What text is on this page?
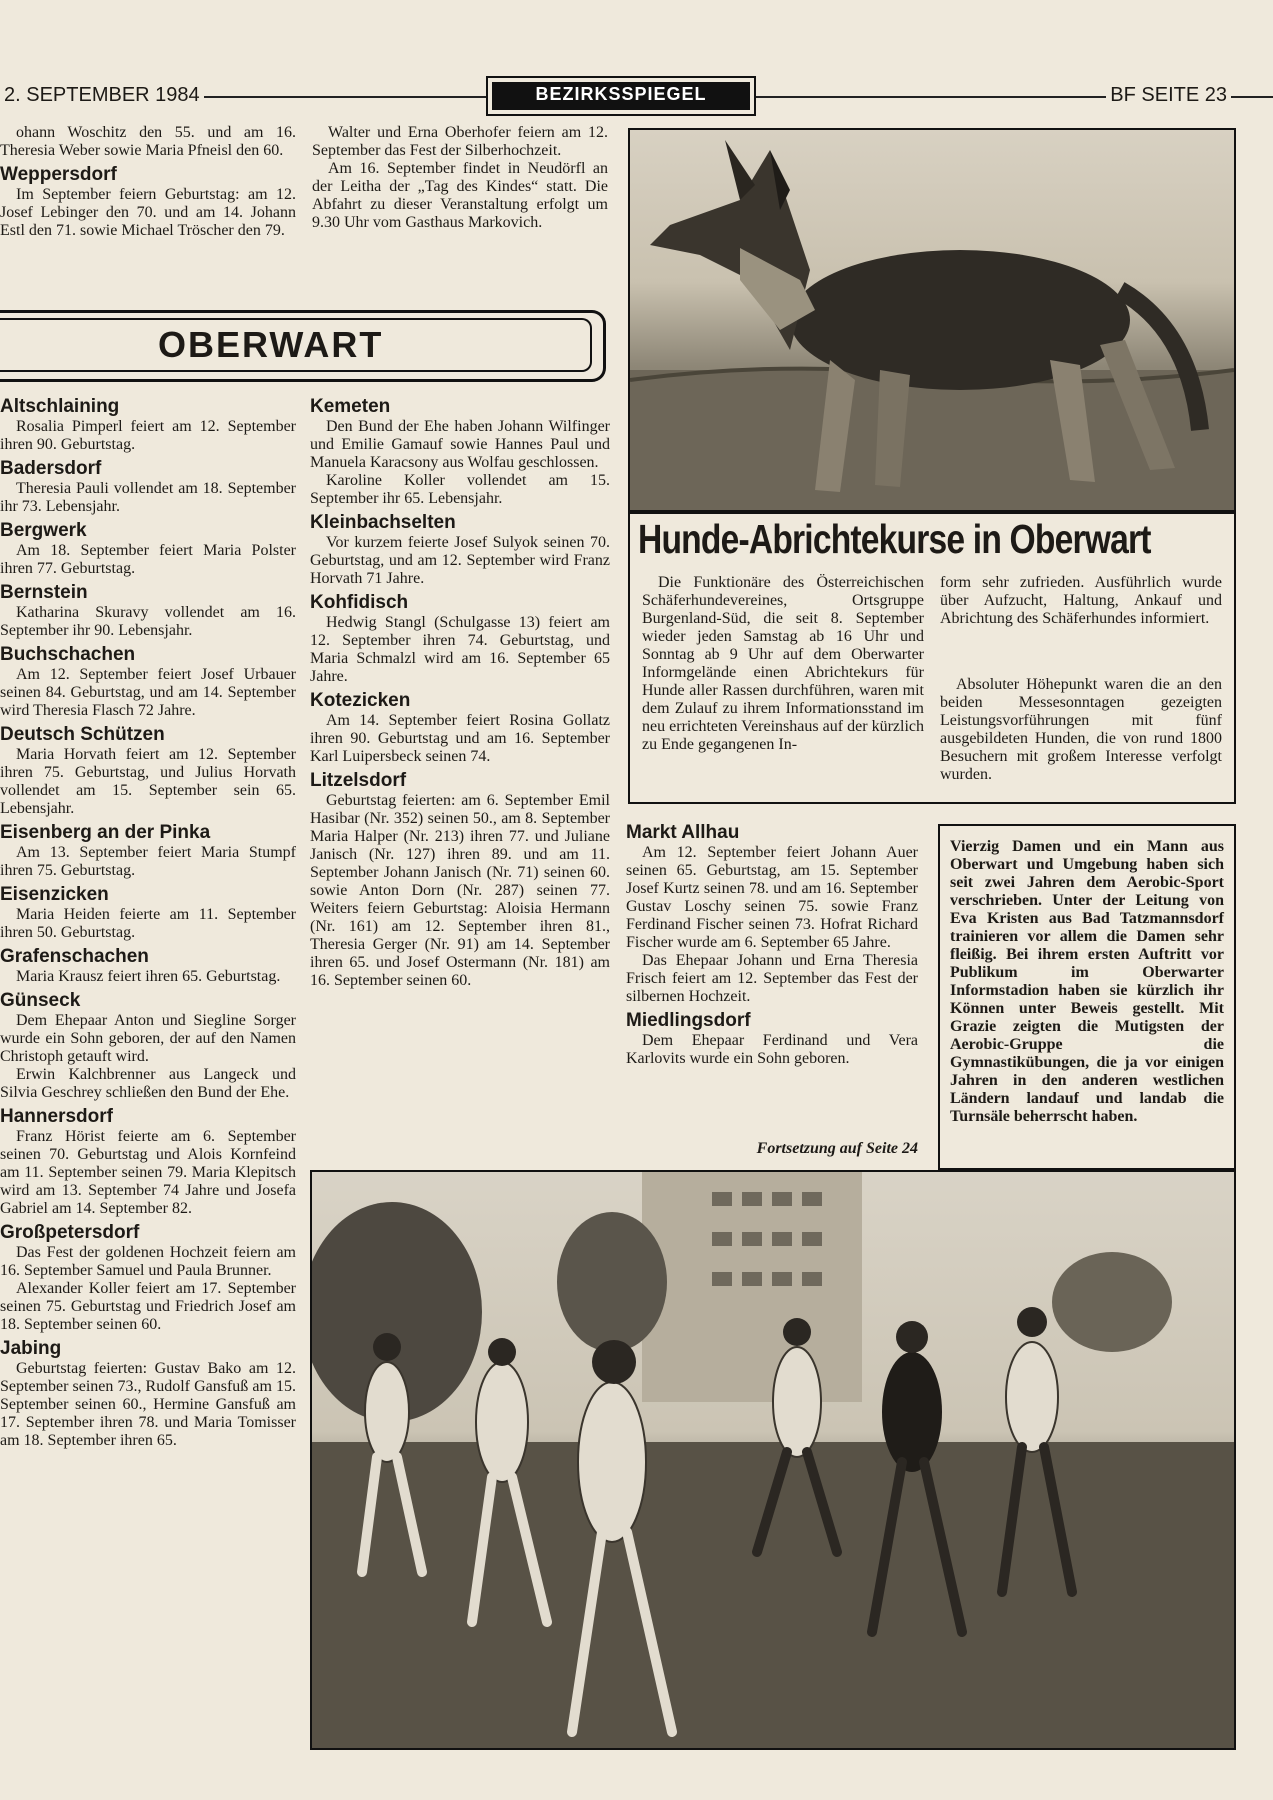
2. SEPTEMBER 1984	BEZIRKSSPIEGEL	BF SEITE 23

ohann Woschitz den 55. und am 16. Theresia Weber sowie Maria Pfneisl den 60.

Weppersdorf

Im September feiern Geburtstag: am 12. Josef Lebinger den 70. und am 14. Johann Estl den 71. sowie Michael Tröscher den 79.

Walter und Erna Oberhofer feiern am 12. September das Fest der Silberhochzeit.

Am 16. September findet in Neudörfl an der Leitha der „Tag des Kindes“ statt. Die Abfahrt zu dieser Veranstaltung erfolgt um 9.30 Uhr vom Gasthaus Markovich.

OBERWART
Altschlaining

Rosalia Pimperl feiert am 12. September ihren 90. Geburtstag.

Badersdorf

Theresia Pauli vollendet am 18. September ihr 73. Lebensjahr.

Bergwerk

Am 18. September feiert Maria Polster ihren 77. Geburtstag.

Bernstein

Katharina Skuravy vollendet am 16. September ihr 90. Lebensjahr.

Buchschachen

Am 12. September feiert Josef Urbauer seinen 84. Geburtstag, und am 14. September wird Theresia Flasch 72 Jahre.

Deutsch Schützen

Maria Horvath feiert am 12. September ihren 75. Geburtstag, und Julius Horvath vollendet am 15. September sein 65. Lebensjahr.

Eisenberg an der Pinka

Am 13. September feiert Maria Stumpf ihren 75. Geburtstag.

Eisenzicken

Maria Heiden feierte am 11. September ihren 50. Geburtstag.

Grafenschachen

Maria Krausz feiert ihren 65. Geburtstag.

Günseck

Dem Ehepaar Anton und Siegline Sorger wurde ein Sohn geboren, der auf den Namen Christoph getauft wird.

Erwin Kalchbrenner aus Langeck und Silvia Geschrey schließen den Bund der Ehe.

Hannersdorf

Franz Hörist feierte am 6. September seinen 70. Geburtstag und Alois Kornfeind am 11. September seinen 79. Maria Klepitsch wird am 13. September 74 Jahre und Josefa Gabriel am 14. September 82.

Großpetersdorf

Das Fest der goldenen Hochzeit feiern am 16. September Samuel und Paula Brunner.

Alexander Koller feiert am 17. September seinen 75. Geburtstag und Friedrich Josef am 18. September seinen 60.

Jabing

Geburtstag feierten: Gustav Bako am 12. September seinen 73., Rudolf Gansfuß am 15. September seinen 60., Hermine Gansfuß am 17. September ihren 78. und Maria Tomisser am 18. September ihren 65.

Kemeten

Den Bund der Ehe haben Johann Wilfinger und Emilie Gamauf sowie Hannes Paul und Manuela Karacsony aus Wolfau geschlossen.

Karoline Koller vollendet am 15. September ihr 65. Lebensjahr.

Kleinbachselten

Vor kurzem feierte Josef Sulyok seinen 70. Geburtstag, und am 12. September wird Franz Horvath 71 Jahre.

Kohfidisch

Hedwig Stangl (Schulgasse 13) feiert am 12. September ihren 74. Geburtstag, und Maria Schmalzl wird am 16. September 65 Jahre.

Kotezicken

Am 14. September feiert Rosina Gollatz ihren 90. Geburtstag und am 16. September Karl Luipersbeck seinen 74.

Litzelsdorf

Geburtstag feierten: am 6. September Emil Hasibar (Nr. 352) seinen 50., am 8. September Maria Halper (Nr. 213) ihren 77. und Juliane Janisch (Nr. 127) ihren 89. und am 11. September Johann Janisch (Nr. 71) seinen 60. sowie Anton Dorn (Nr. 287) seinen 77. Weiters feiern Geburtstag: Aloisia Hermann (Nr. 161) am 12. September ihren 81., Theresia Gerger (Nr. 91) am 14. September ihren 65. und Josef Ostermann (Nr. 181) am 16. September seinen 60.

Hunde-Abrichtekurse in Oberwart

Die Funktionäre des Österreichischen Schäferhundevereines, Ortsgruppe Burgenland-Süd, die seit 8. September wieder jeden Samstag ab 16 Uhr und Sonntag ab 9 Uhr auf dem Oberwarter Informgelände einen Abrichtekurs für Hunde aller Rassen durchführen, waren mit dem Zulauf zu ihrem Informationsstand im neu errichteten Vereinshaus auf der kürzlich zu Ende gegangenen In-

form sehr zufrieden. Ausführlich wurde über Aufzucht, Haltung, Ankauf und Abrichtung des Schäferhundes informiert.

Absoluter Höhepunkt waren die an den beiden Messesonntagen gezeigten Leistungsvorführungen mit fünf ausgebildeten Hunden, die von rund 1800 Besuchern mit großem Interesse verfolgt wurden.

Markt Allhau

Am 12. September feiert Johann Auer seinen 65. Geburtstag, am 15. September Josef Kurtz seinen 78. und am 16. September Gustav Loschy seinen 75. sowie Franz Ferdinand Fischer seinen 73. Hofrat Richard Fischer wurde am 6. September 65 Jahre.

Das Ehepaar Johann und Erna Theresia Frisch feiert am 12. September das Fest der silbernen Hochzeit.

Miedlingsdorf

Dem Ehepaar Ferdinand und Vera Karlovits wurde ein Sohn geboren.

Fortsetzung auf Seite 24

Vierzig Damen und ein Mann aus Oberwart und Umgebung haben sich seit zwei Jahren dem Aerobic-Sport verschrieben. Unter der Leitung von Eva Kristen aus Bad Tatzmannsdorf trainieren vor allem die Damen sehr fleißig. Bei ihrem ersten Auftritt vor Publikum im Oberwarter Informstadion haben sie kürzlich ihr Können unter Beweis gestellt. Mit Grazie zeigten die Mutigsten der Aerobic-Gruppe die Gymnastikübungen, die ja vor einigen Jahren in den anderen westlichen Ländern landauf und landab die Turnsäle beherrscht haben.
